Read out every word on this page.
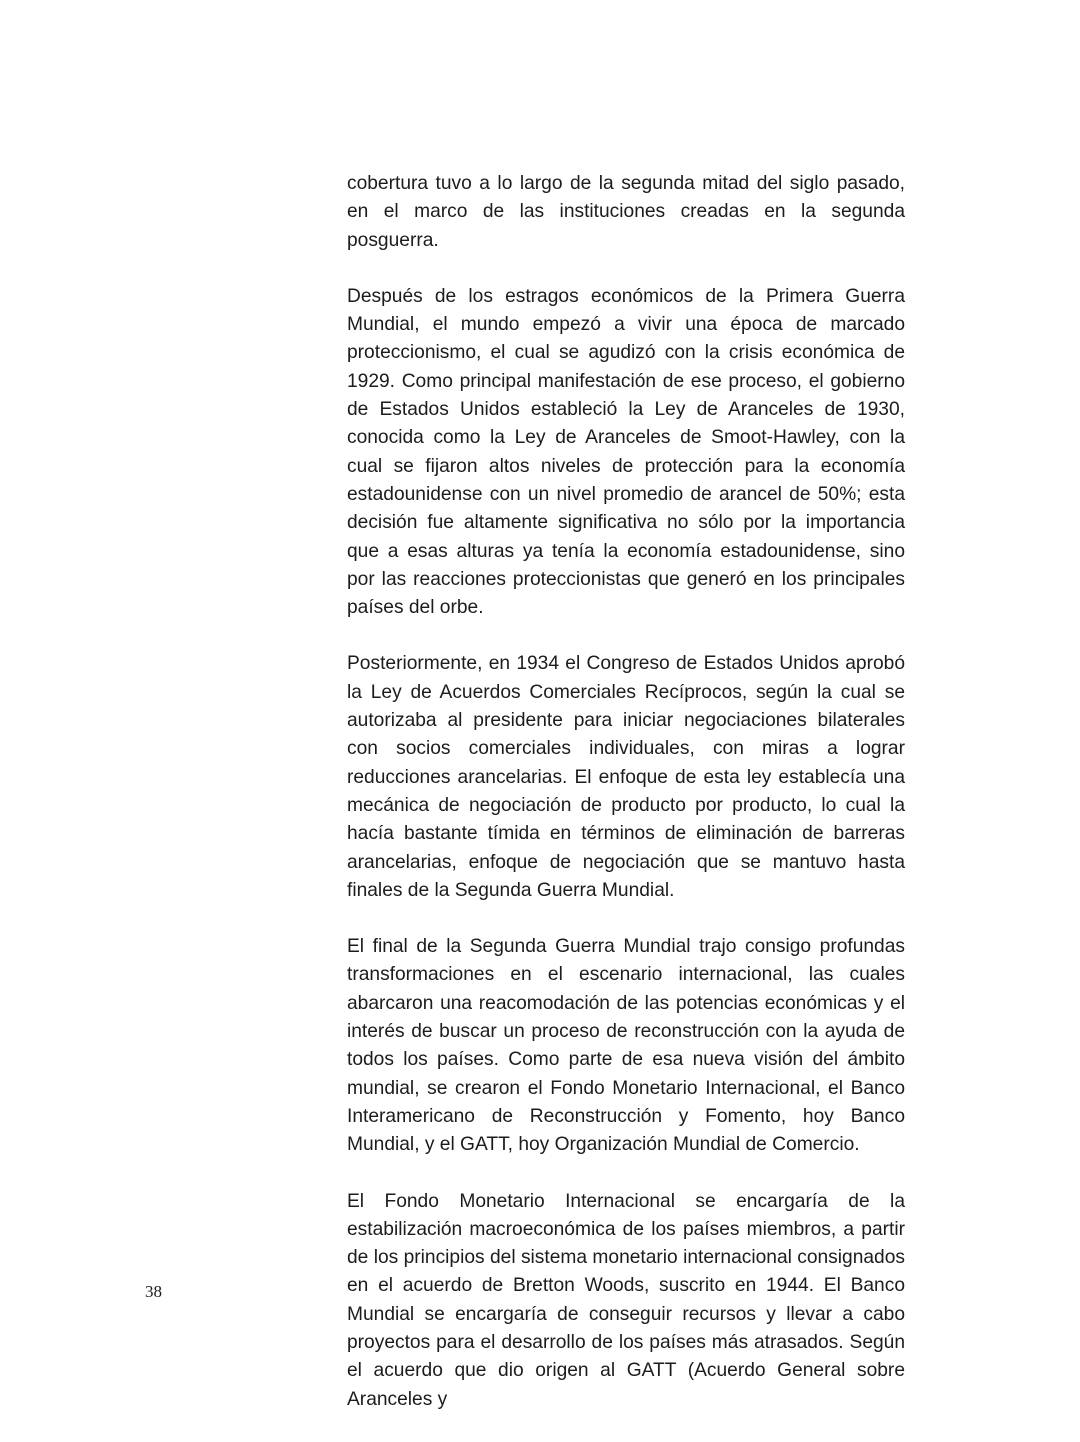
cobertura tuvo a lo largo de la segunda mitad del siglo pasado, en el marco de las instituciones creadas en la segunda posguerra.

Después de los estragos económicos de la Primera Guerra Mundial, el mundo empezó a vivir una época de marcado proteccionismo, el cual se agudizó con la crisis económica de 1929. Como principal manifestación de ese proceso, el gobierno de Estados Unidos estableció la Ley de Aranceles de 1930, conocida como la Ley de Aranceles de Smoot-Hawley, con la cual se fijaron altos niveles de protección para la economía estadounidense con un nivel promedio de arancel de 50%; esta decisión fue altamente significativa no sólo por la importancia que a esas alturas ya tenía la economía estadounidense, sino por las reacciones proteccionistas que generó en los principales países del orbe.

Posteriormente, en 1934 el Congreso de Estados Unidos aprobó la Ley de Acuerdos Comerciales Recíprocos, según la cual se autorizaba al presidente para iniciar negociaciones bilaterales con socios comerciales individuales, con miras a lograr reducciones arancelarias. El enfoque de esta ley establecía una mecánica de negociación de producto por producto, lo cual la hacía bastante tímida en términos de eliminación de barreras arancelarias, enfoque de negociación que se mantuvo hasta finales de la Segunda Guerra Mundial.

El final de la Segunda Guerra Mundial trajo consigo profundas transformaciones en el escenario internacional, las cuales abarcaron una reacomodación de las potencias económicas y el interés de buscar un proceso de reconstrucción con la ayuda de todos los países. Como parte de esa nueva visión del ámbito mundial, se crearon el Fondo Monetario Internacional, el Banco Interamericano de Reconstrucción y Fomento, hoy Banco Mundial, y el GATT, hoy Organización Mundial de Comercio.

El Fondo Monetario Internacional se encargaría de la estabilización macroeconómica de los países miembros, a partir de los principios del sistema monetario internacional consignados en el acuerdo de Bretton Woods, suscrito en 1944. El Banco Mundial se encargaría de conseguir recursos y llevar a cabo proyectos para el desarrollo de los países más atrasados. Según el acuerdo que dio origen al GATT (Acuerdo General sobre Aranceles y

38
